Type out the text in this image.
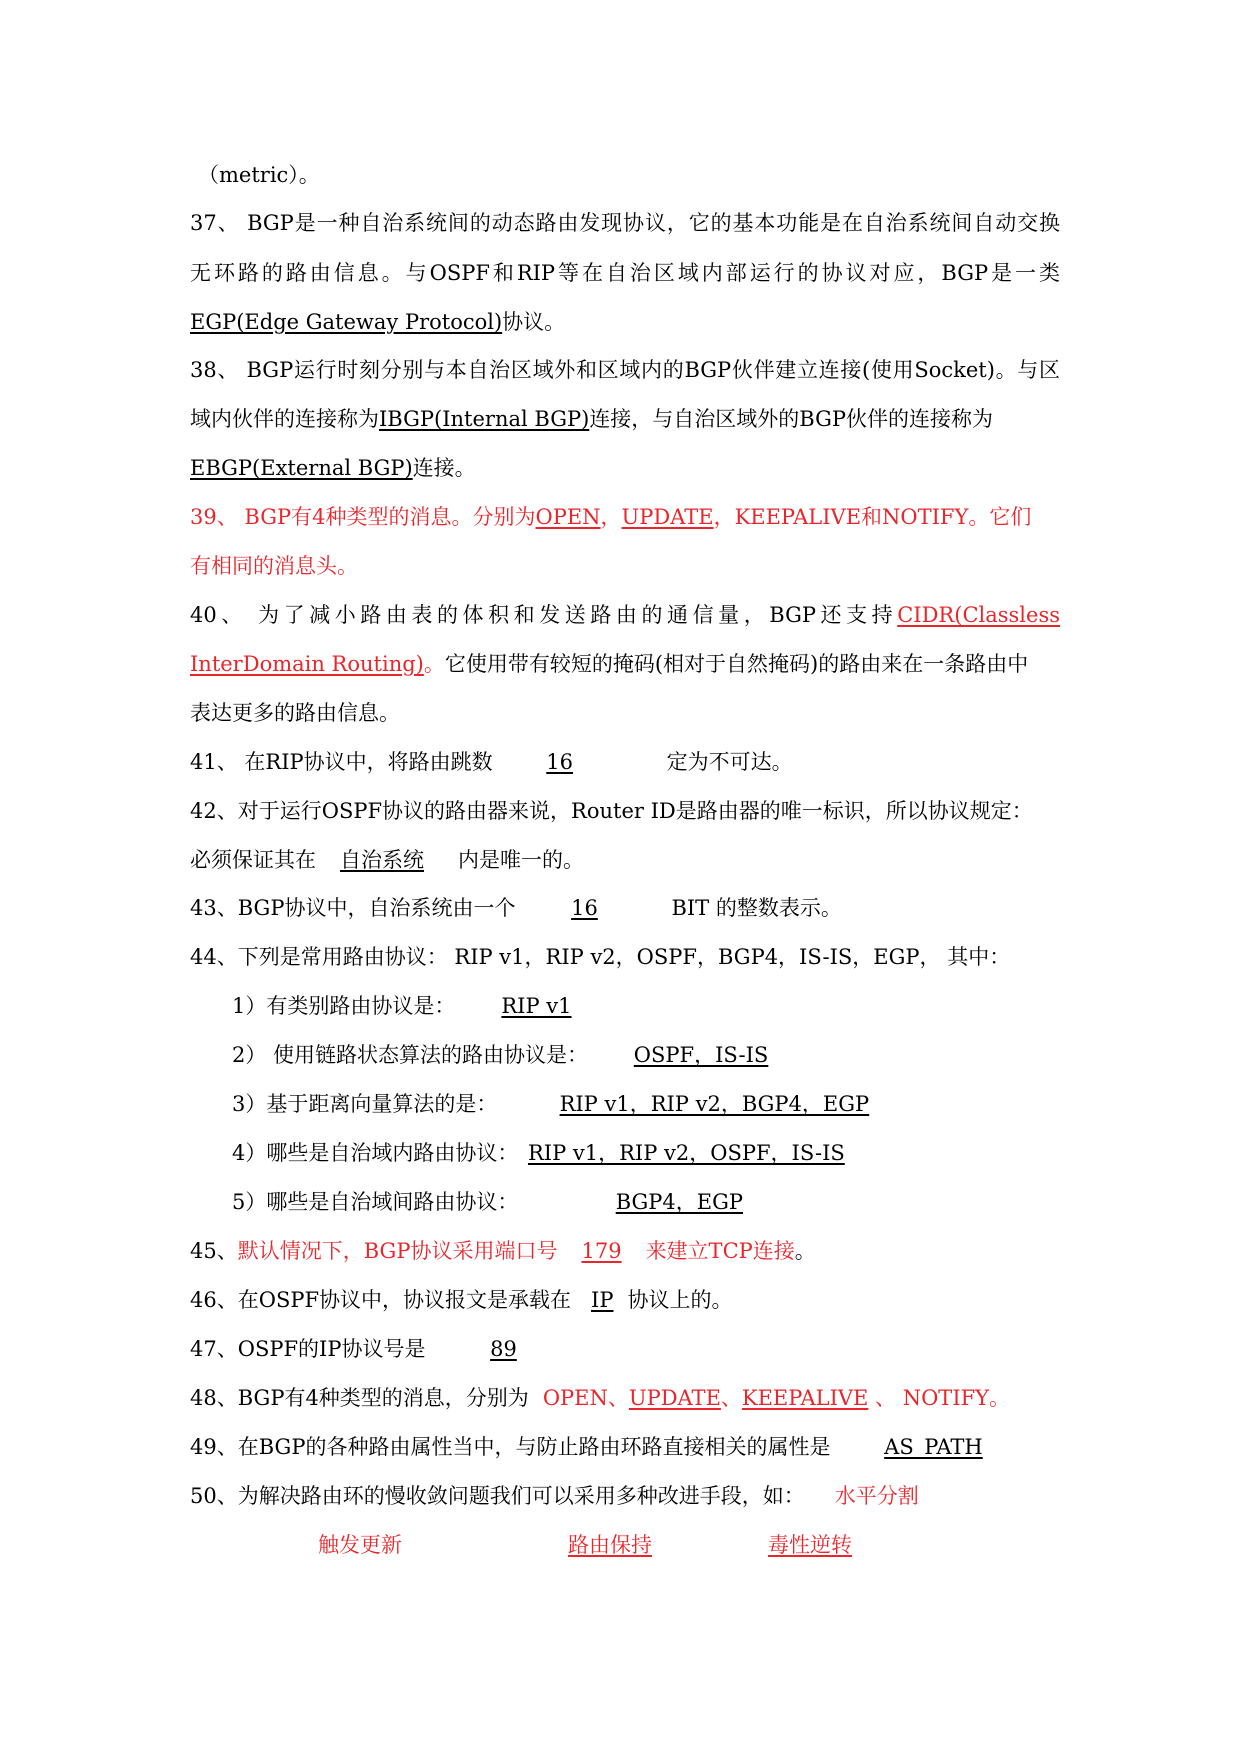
（metric）。
37、 BGP是一种自治系统间的动态路由发现协议，它的基本功能是在自治系统间自动交换
无环路的路由信息。与OSPF和RIP等在自治区域内部运行的协议对应，BGP是一类
EGP(Edge Gateway Protocol)协议。
38、 BGP运行时刻分别与本自治区域外和区域内的BGP伙伴建立连接(使用Socket)。与区
域内伙伴的连接称为IBGP(Internal BGP)连接，与自治区域外的BGP伙伴的连接称为
EBGP(External BGP)连接。
39、 BGP有4种类型的消息。分别为OPEN，UPDATE，KEEPALIVE和NOTIFY。它们
有相同的消息头。
40、 为了减小路由表的体积和发送路由的通信量，BGP还支持CIDR(Classless
InterDomain Routing)。它使用带有较短的掩码(相对于自然掩码)的路由来在一条路由中
表达更多的路由信息。
41、 在RIP协议中，将路由跳数	16	定为不可达。
42、对于运行OSPF协议的路由器来说，Router ID是路由器的唯一标识，所以协议规定：
必须保证其在 自治系统 内是唯一的。
43、BGP协议中，自治系统由一个	16	BIT 的整数表示。
44、下列是常用路由协议： RIP v1，RIP v2，OSPF，BGP4，IS-IS，EGP， 其中：
1）有类别路由协议是： RIP v1
2） 使用链路状态算法的路由协议是： OSPF，IS-IS
3）基于距离向量算法的是：	RIP v1，RIP v2，BGP4，EGP
4）哪些是自治域内路由协议： RIP v1，RIP v2，OSPF，IS-IS
5）哪些是自治域间路由协议：	BGP4，EGP
45、默认情况下，BGP协议采用端口号 179 来建立TCP连接。
46、在OSPF协议中，协议报文是承载在 IP 协议上的。
47、OSPF的IP协议号是	89
48、BGP有4种类型的消息，分别为 OPEN、UPDATE、KEEPALIVE 、 NOTIFY。
49、在BGP的各种路由属性当中，与防止路由环路直接相关的属性是	AS_PATH
50、为解决路由环的慢收敛问题我们可以采用多种改进手段，如： 水平分割
触发更新	路由保持	毒性逆转
